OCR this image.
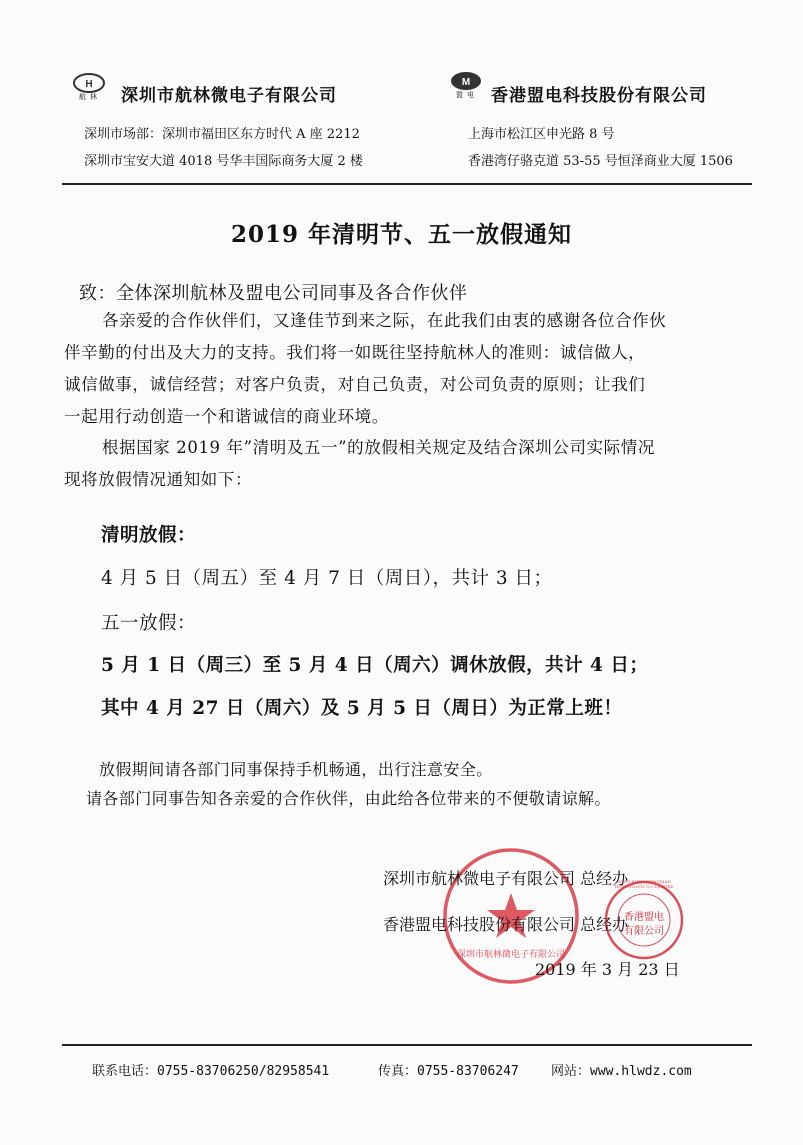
H
航林 深圳市航林微电子有限公司
深圳市场部：深圳市福田区东方时代 A 座 2212
深圳市宝安大道 4018 号华丰国际商务大厦 2 楼
M
盟电 香港盟电科技股份有限公司
上海市松江区申光路 8 号
香港湾仔骆克道 53-55 号恒泽商业大厦 1506
2019 年清明节、五一放假通知
致：全体深圳航林及盟电公司同事及各合作伙伴
各亲爱的合作伙伴们，又逢佳节到来之际，在此我们由衷的感谢各位合作伙
伴辛勤的付出及大力的支持。我们将一如既往坚持航林人的准则：诚信做人，
诚信做事，诚信经营；对客户负责，对自己负责，对公司负责的原则；让我们
一起用行动创造一个和谐诚信的商业环境。
根据国家 2019 年”清明及五一”的放假相关规定及结合深圳公司实际情况
现将放假情况通知如下：
清明放假：
4 月 5 日（周五）至 4 月 7 日（周日），共计 3 日；
五一放假：
5 月 1 日（周三）至 5 月 4 日（周六）调休放假，共计 4 日；
其中 4 月 27 日（周六）及 5 月 5 日（周日）为正常上班！
放假期间请各部门同事保持手机畅通，出行注意安全。
请各部门同事告知各亲爱的合作伙伴，由此给各位带来的不便敬请谅解。
深圳市航林微电子有限公司
HONG KONG MENGDIAN TECHNOLOGY CO. LIMITED
香港盟电
有限公司
深圳市航林微电子有限公司 总经办
香港盟电科技股份有限公司 总经办
2019 年 3 月 23 日
联系电话：0755-83706250/82958541	传真：0755-83706247 网站：www.hlwdz.com
